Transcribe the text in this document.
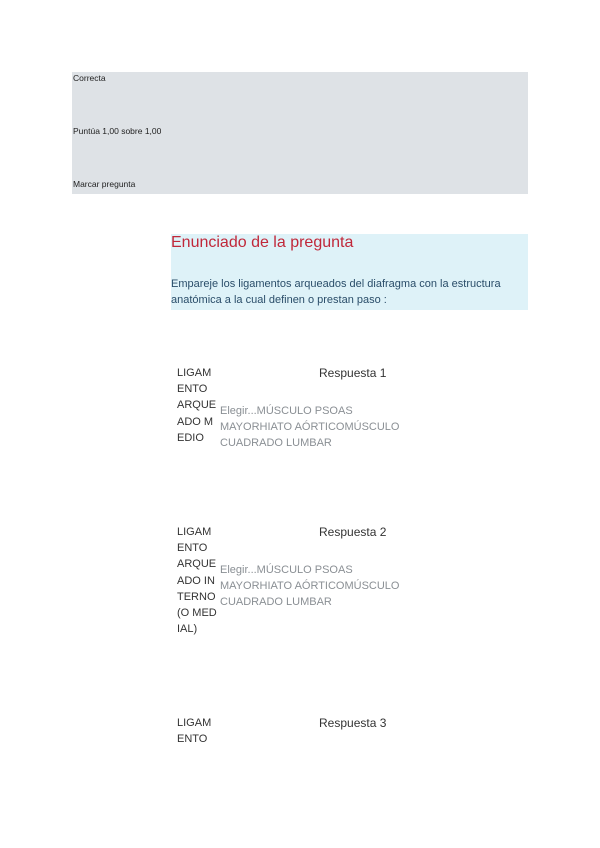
Correcta
Puntúa 1,00 sobre 1,00
Marcar pregunta
Enunciado de la pregunta
Empareje los ligamentos arqueados del diafragma con la estructura anatómica a la cual definen o prestan paso :
LIGAMENTO ARQUEADO MEDIO
Respuesta 1
Elegir...MÚSCULO PSOAS MAYORHIATO AÓRTICOMÚSCULO CUADRADO LUMBAR
LIGAMENTO ARQUEADO INTERNO (O MEDIAL)
Respuesta 2
Elegir...MÚSCULO PSOAS MAYORHIATO AÓRTICOMÚSCULO CUADRADO LUMBAR
LIGAMENTO
Respuesta 3
